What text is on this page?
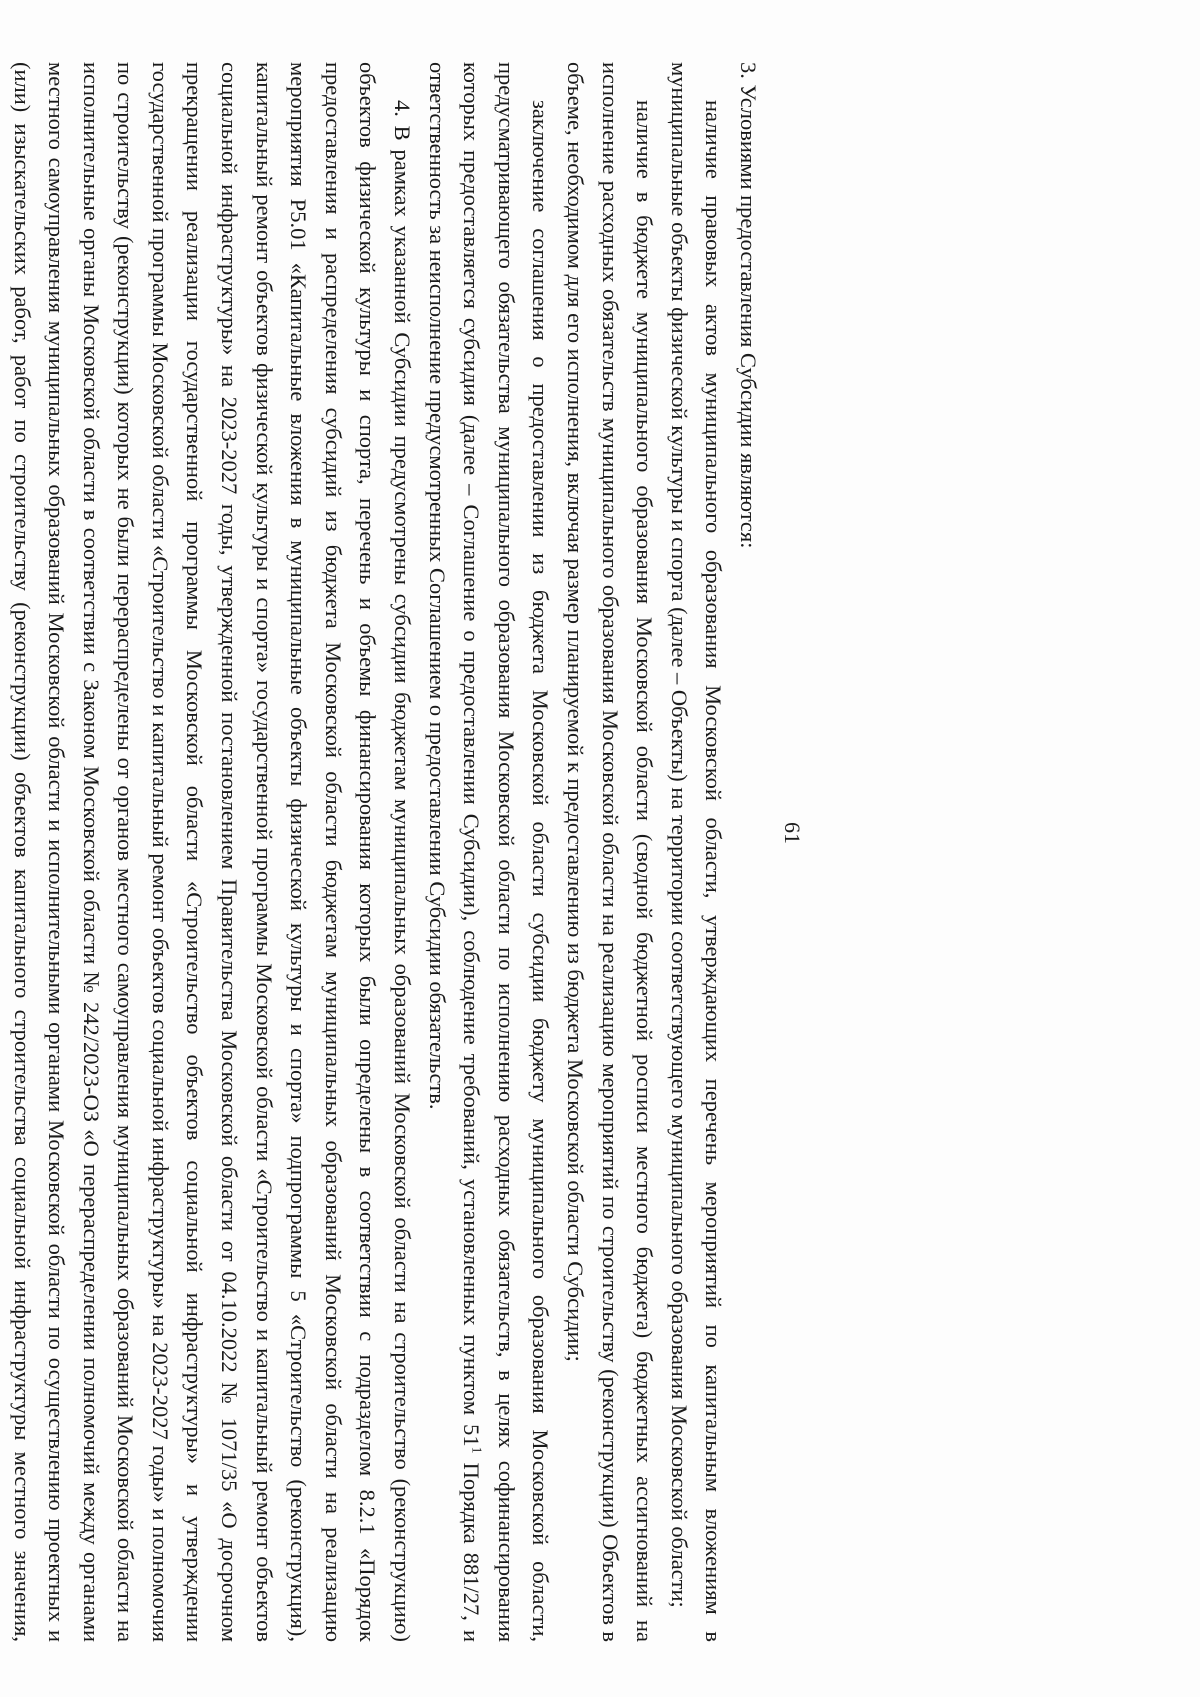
61

3. Условиями предоставления Субсидии являются:

наличие правовых актов муниципального образования Московской области, утверждающих перечень мероприятий по капитальным вложениям в муниципальные объекты физической культуры и спорта (далее – Объекты) на территории соответствующего муниципального образования Московской области;

наличие в бюджете муниципального образования Московской области (сводной бюджетной росписи местного бюджета) бюджетных ассигнований на исполнение расходных обязательств муниципального образования Московской области на реализацию мероприятий по строительству (реконструкции) Объектов в объеме, необходимом для его исполнения, включая размер планируемой к предоставлению из бюджета Московской области Субсидии;

заключение соглашения о предоставлении из бюджета Московской области субсидии бюджету муниципального образования Московской области, предусматривающего обязательства муниципального образования Московской области по исполнению расходных обязательств, в целях софинансирования которых предоставляется субсидия (далее – Соглашение о предоставлении Субсидии), соблюдение требований, установленных пунктом $51^1$ Порядка 881/27, и ответственность за неисполнение предусмотренных Соглашением о предоставлении Субсидии обязательств.

4. В рамках указанной Субсидии предусмотрены субсидии бюджетам муниципальных образований Московской области на строительство (реконструкцию) объектов физической культуры и спорта, перечень и объемы финансирования которых были определены в соответствии с подразделом 8.2.1 «Порядок предоставления и распределения субсидий из бюджета Московской области бюджетам муниципальных образований Московской области на реализацию мероприятия Р5.01 «Капитальные вложения в муниципальные объекты физической культуры и спорта» подпрограммы 5 «Строительство (реконструкция), капитальный ремонт объектов физической культуры и спорта» государственной программы Московской области «Строительство и капитальный ремонт объектов социальной инфраструктуры» на 2023-2027 годы, утвержденной постановлением Правительства Московской области от 04.10.2022 № 1071/35 «О досрочном прекращении реализации государственной программы Московской области «Строительство объектов социальной инфраструктуры» и утверждении государственной программы Московской области «Строительство и капитальный ремонт объектов социальной инфраструктуры» на 2023-2027 годы» и полномочия по строительству (реконструкции) которых не были перераспределены от органов местного самоуправления муниципальных образований Московской области на исполнительные органы Московской области в соответствии с Законом Московской области № 242/2023-ОЗ «О перераспределении полномочий между органами местного самоуправления муниципальных образований Московской области и исполнительными органами Московской области по осуществлению проектных и (или) изыскательских работ, работ по строительству (реконструкции) объектов капитального строительства социальной инфраструктуры местного значения,
